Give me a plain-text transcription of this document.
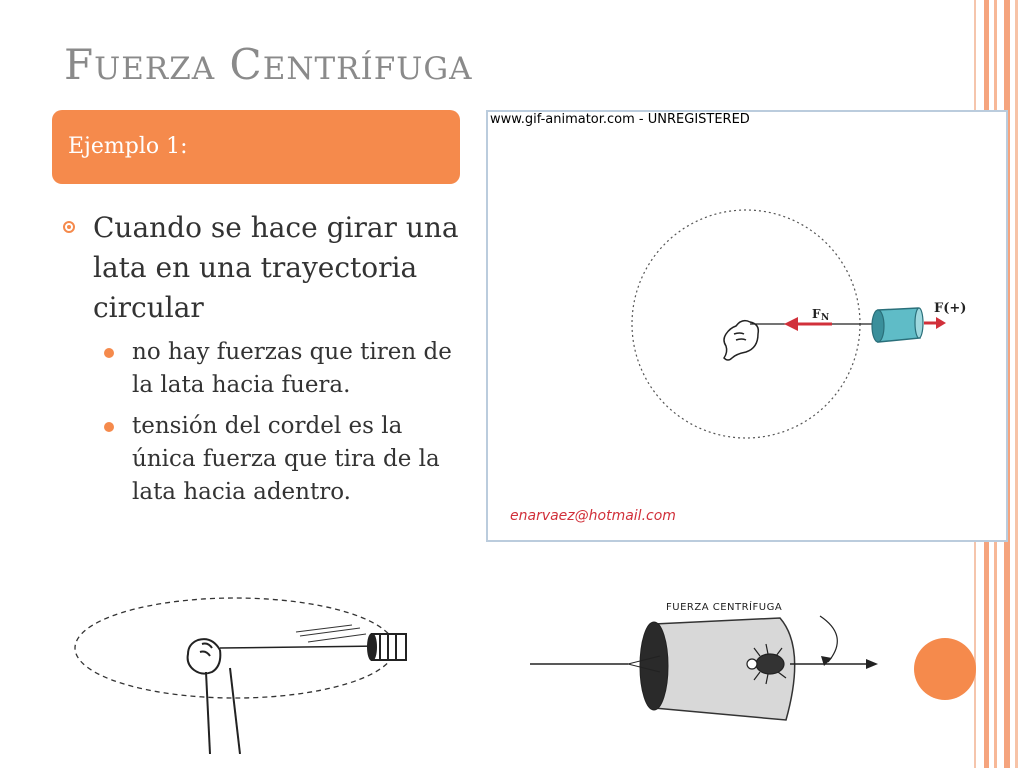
FUERZA CENTRÍFUGA
Ejemplo 1:
Cuando se hace girar una lata en una trayectoria circular
no hay fuerzas que tiren de la lata hacia fuera.
tensión del cordel es la única fuerza que tira de la lata hacia adentro.
www.gif-animator.com - UNREGISTERED
F N
F(+)
enarvaez@hotmail.com
FUERZA CENTRÍFUGA
